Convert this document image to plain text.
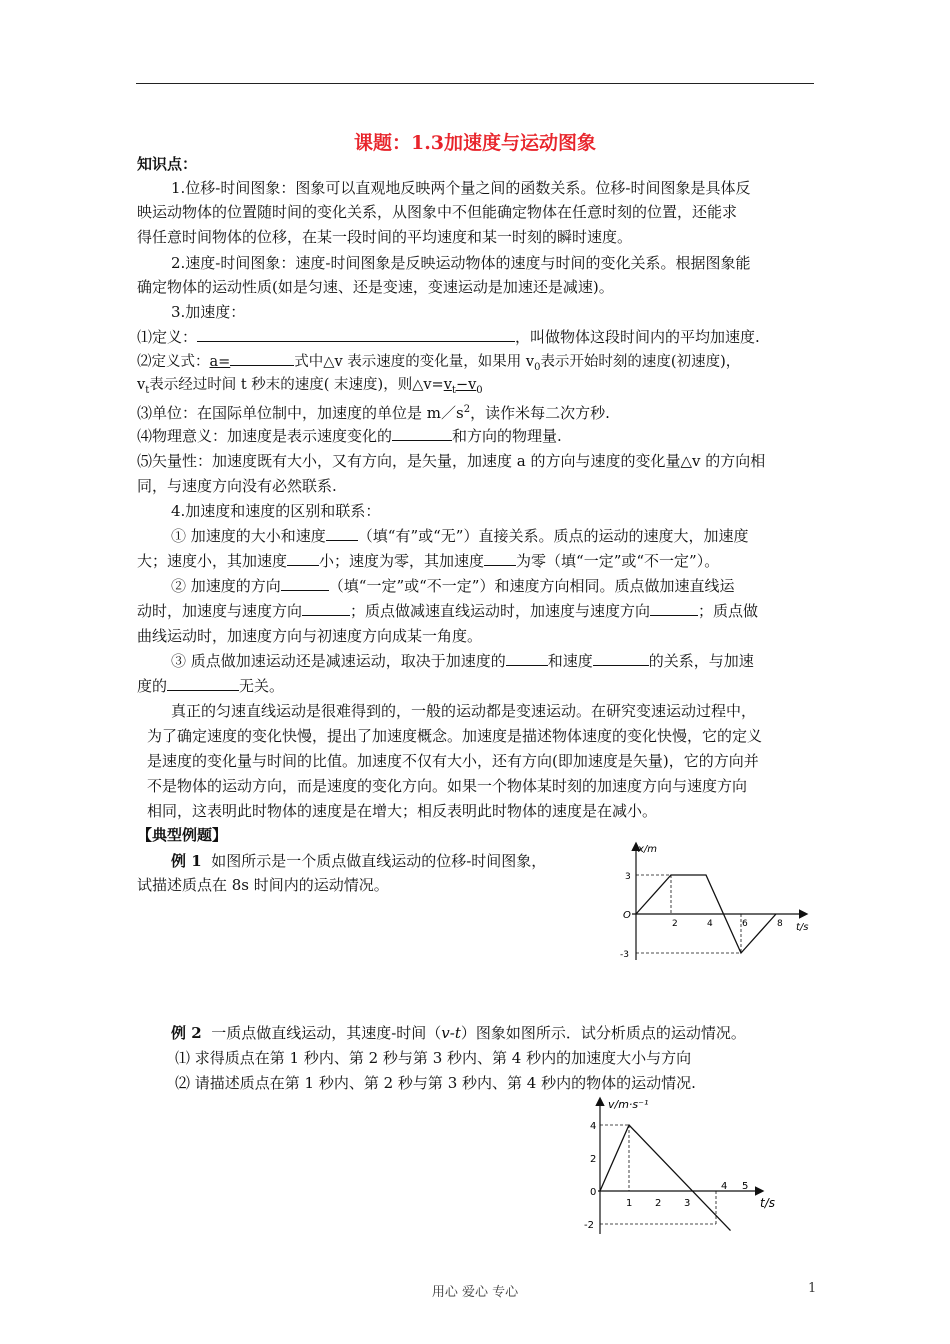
课题：1.3加速度与运动图象
知识点：
1.位移-时间图象：图象可以直观地反映两个量之间的函数关系。位移-时间图象是具体反
映运动物体的位置随时间的变化关系，从图象中不但能确定物体在任意时刻的位置，还能求
得任意时间物体的位移，在某一段时间的平均速度和某一时刻的瞬时速度。
2.速度-时间图象：速度-时间图象是反映运动物体的速度与时间的变化关系。根据图象能
确定物体的运动性质(如是匀速、还是变速，变速运动是加速还是减速)。
3.加速度：
⑴定义：	，叫做物体这段时间内的平均加速度.
⑵定义式：a=	式中△v 表示速度的变化量，如果用 $v_0$表示开始时刻的速度(初速度)，
$v_t$表示经过时间 t 秒末的速度( 末速度)，则$\triangle v=v_t-v_0$
⑶单位：在国际单位制中，加速度的单位是 $m/s^2$，读作米每二次方秒.
⑷物理意义：加速度是表示速度变化的	和方向的物理量.
⑸矢量性：加速度既有大小，又有方向，是矢量，加速度 a 的方向与速度的变化量△v 的方向相
同，与速度方向没有必然联系.
4.加速度和速度的区别和联系：
① 加速度的大小和速度 （填“有”或“无”）直接关系。质点的运动的速度大，加速度
大；速度小，其加速度 小；速度为零，其加速度 为零（填“一定”或“不一定”）。
② 加速度的方向	（填“一定”或“不一定”）和速度方向相同。质点做加速直线运
动时，加速度与速度方向	；质点做减速直线运动时，加速度与速度方向	；质点做
曲线运动时，加速度方向与初速度方向成某一角度。
③ 质点做加速运动还是减速运动，取决于加速度的	和速度	的关系，与加速
度的	无关。
真正的匀速直线运动是很难得到的，一般的运动都是变速运动。在研究变速运动过程中，
为了确定速度的变化快慢，提出了加速度概念。加速度是描述物体速度的变化快慢，它的定义
是速度的变化量与时间的比值。加速度不仅有大小，还有方向(即加速度是矢量)，它的方向并
不是物体的运动方向，而是速度的变化方向。如果一个物体某时刻的加速度方向与速度方向
相同，这表明此时物体的速度是在增大；相反表明此时物体的速度是在减小。
【典型例题】
例 1 如图所示是一个质点做直线运动的位移-时间图象，
试描述质点在 8s 时间内的运动情况。
2	4	6	8
3
-3
O
x/m
t/s
例 2 一质点做直线运动，其速度-时间（v-t）图象如图所示．试分析质点的运动情况。
⑴ 求得质点在第 1 秒内、第 2 秒与第 3 秒内、第 4 秒内的加速度大小与方向
⑵ 请描述质点在第 1 秒内、第 2 秒与第 3 秒内、第 4 秒内的物体的运动情况.
1 2 3
4 5
4
2
0
-2
v/m·s⁻¹
t/s
用心 爱心 专心	1
